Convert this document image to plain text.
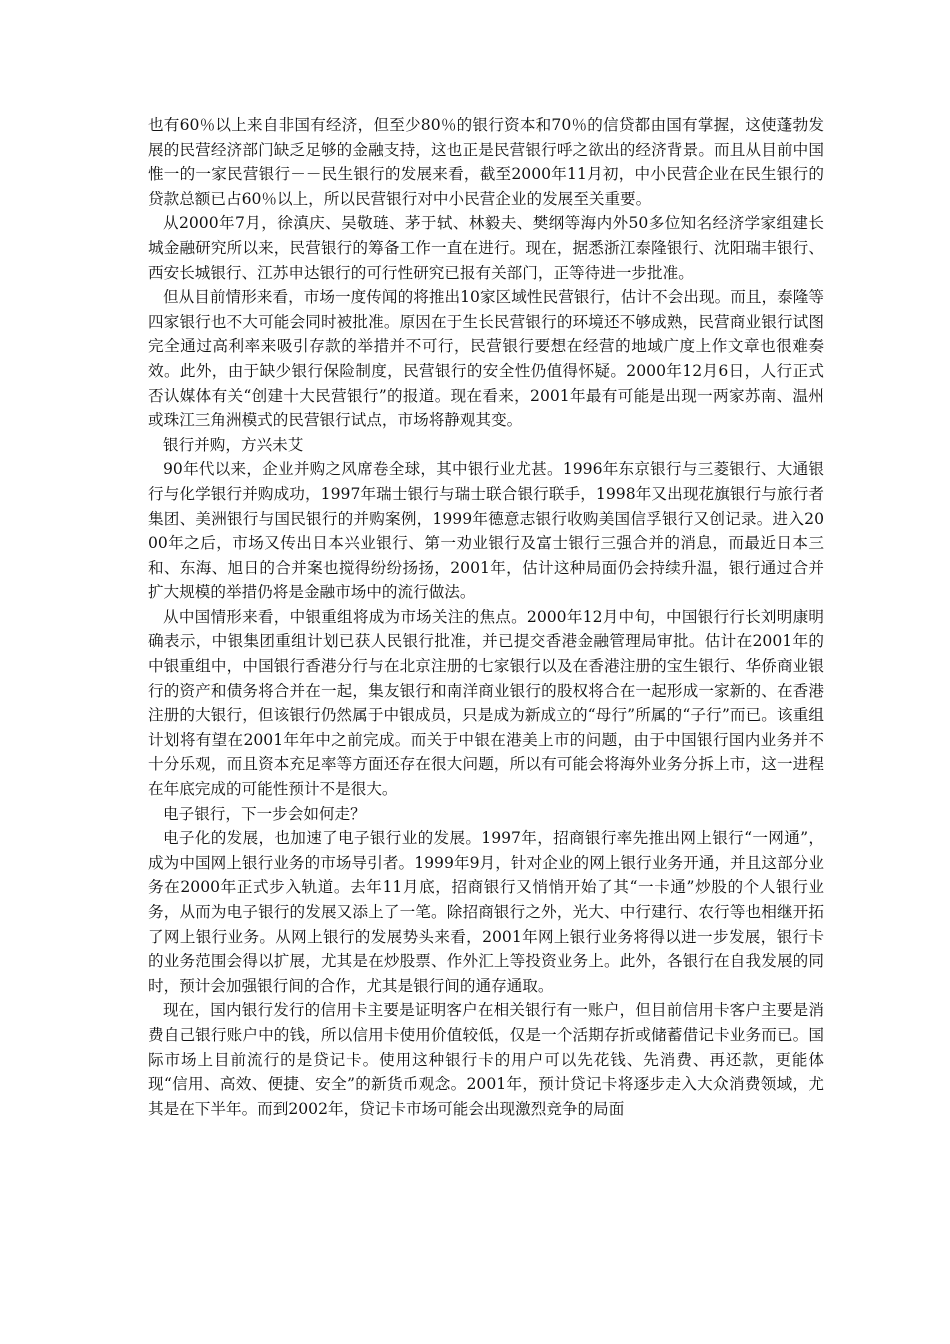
也有60％以上来自非国有经济，但至少80％的银行资本和70％的信贷都由国有掌握，这使蓬勃发展的民营经济部门缺乏足够的金融支持，这也正是民营银行呼之欲出的经济背景。而且从目前中国惟一的一家民营银行－－民生银行的发展来看，截至2000年11月初，中小民营企业在民生银行的贷款总额已占60％以上，所以民营银行对中小民营企业的发展至关重要。

从2000年7月，徐滇庆、吴敬琏、茅于轼、林毅夫、樊纲等海内外50多位知名经济学家组建长城金融研究所以来，民营银行的筹备工作一直在进行。现在，据悉浙江泰隆银行、沈阳瑞丰银行、西安长城银行、江苏申达银行的可行性研究已报有关部门，正等待进一步批准。

但从目前情形来看，市场一度传闻的将推出10家区域性民营银行，估计不会出现。而且，泰隆等四家银行也不大可能会同时被批准。原因在于生长民营银行的环境还不够成熟，民营商业银行试图完全通过高利率来吸引存款的举措并不可行，民营银行要想在经营的地域广度上作文章也很难奏效。此外，由于缺少银行保险制度，民营银行的安全性仍值得怀疑。2000年12月6日，人行正式否认媒体有关“创建十大民营银行”的报道。现在看来，2001年最有可能是出现一两家苏南、温州或珠江三角洲模式的民营银行试点，市场将静观其变。

银行并购，方兴未艾

90年代以来，企业并购之风席卷全球，其中银行业尤甚。1996年东京银行与三菱银行、大通银行与化学银行并购成功，1997年瑞士银行与瑞士联合银行联手，1998年又出现花旗银行与旅行者集团、美洲银行与国民银行的并购案例，1999年德意志银行收购美国信孚银行又创记录。进入2000年之后，市场又传出日本兴业银行、第一劝业银行及富士银行三强合并的消息，而最近日本三和、东海、旭日的合并案也搅得纷纷扬扬，2001年，估计这种局面仍会持续升温，银行通过合并扩大规模的举措仍将是金融市场中的流行做法。

从中国情形来看，中银重组将成为市场关注的焦点。2000年12月中旬，中国银行行长刘明康明确表示，中银集团重组计划已获人民银行批准，并已提交香港金融管理局审批。估计在2001年的中银重组中，中国银行香港分行与在北京注册的七家银行以及在香港注册的宝生银行、华侨商业银行的资产和债务将合并在一起，集友银行和南洋商业银行的股权将合在一起形成一家新的、在香港注册的大银行，但该银行仍然属于中银成员，只是成为新成立的“母行”所属的“子行”而已。该重组计划将有望在2001年年中之前完成。而关于中银在港美上市的问题，由于中国银行国内业务并不十分乐观，而且资本充足率等方面还存在很大问题，所以有可能会将海外业务分拆上市，这一进程在年底完成的可能性预计不是很大。

电子银行，下一步会如何走？

电子化的发展，也加速了电子银行业的发展。1997年，招商银行率先推出网上银行“一网通”，成为中国网上银行业务的市场导引者。1999年9月，针对企业的网上银行业务开通，并且这部分业务在2000年正式步入轨道。去年11月底，招商银行又悄悄开始了其“一卡通”炒股的个人银行业务，从而为电子银行的发展又添上了一笔。除招商银行之外，光大、中行建行、农行等也相继开拓了网上银行业务。从网上银行的发展势头来看，2001年网上银行业务将得以进一步发展，银行卡的业务范围会得以扩展，尤其是在炒股票、作外汇上等投资业务上。此外，各银行在自我发展的同时，预计会加强银行间的合作，尤其是银行间的通存通取。

现在，国内银行发行的信用卡主要是证明客户在相关银行有一账户，但目前信用卡客户主要是消费自己银行账户中的钱，所以信用卡使用价值较低，仅是一个活期存折或储蓄借记卡业务而已。国际市场上目前流行的是贷记卡。使用这种银行卡的用户可以先花钱、先消费、再还款，更能体现“信用、高效、便捷、安全”的新货币观念。2001年，预计贷记卡将逐步走入大众消费领域，尤其是在下半年。而到2002年，贷记卡市场可能会出现激烈竞争的局面
